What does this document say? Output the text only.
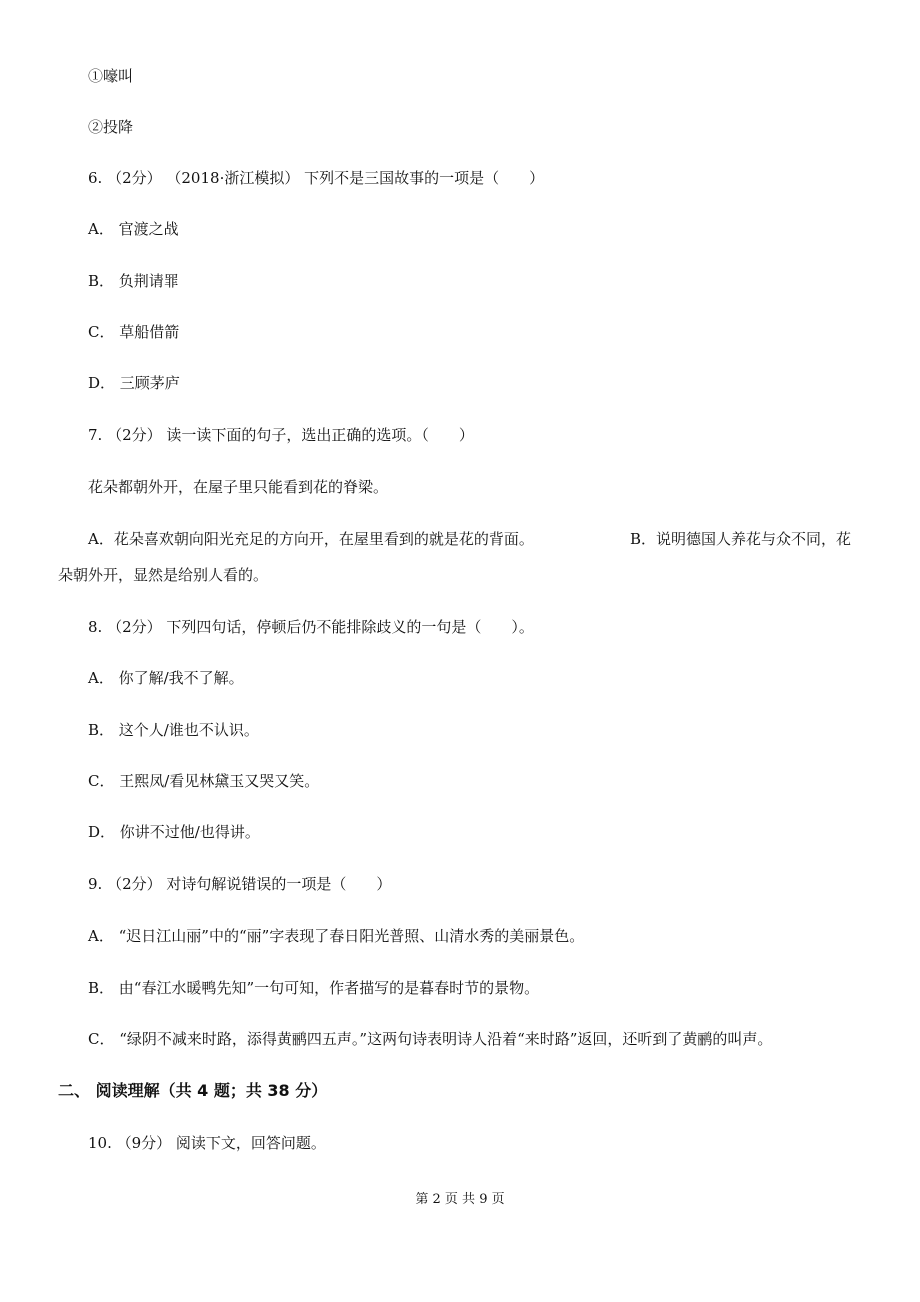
①嚎叫
②投降
6. （2分） （2018·浙江模拟） 下列不是三国故事的一项是（　　）
A． 官渡之战
B． 负荆请罪
C． 草船借箭
D． 三顾茅庐
7. （2分） 读一读下面的句子，选出正确的选项。（　　）
花朵都朝外开，在屋子里只能看到花的脊梁。
A．花朵喜欢朝向阳光充足的方向开，在屋里看到的就是花的背面。	B．说明德国人养花与众不同，花
朵朝外开，显然是给别人看的。
8. （2分） 下列四句话，停顿后仍不能排除歧义的一句是（　　）。
A． 你了解/我不了解。
B． 这个人/谁也不认识。
C． 王熙凤/看见林黛玉又哭又笑。
D． 你讲不过他/也得讲。
9. （2分） 对诗句解说错误的一项是（　　）
A． “迟日江山丽”中的“丽”字表现了春日阳光普照、山清水秀的美丽景色。
B． 由“春江水暖鸭先知”一句可知，作者描写的是暮春时节的景物。
C． “绿阴不减来时路，添得黄鹂四五声。”这两句诗表明诗人沿着“来时路”返回，还听到了黄鹂的叫声。
二、 阅读理解（共 4 题；共 38 分）
10. （9分） 阅读下文，回答问题。
第 2 页 共 9 页
